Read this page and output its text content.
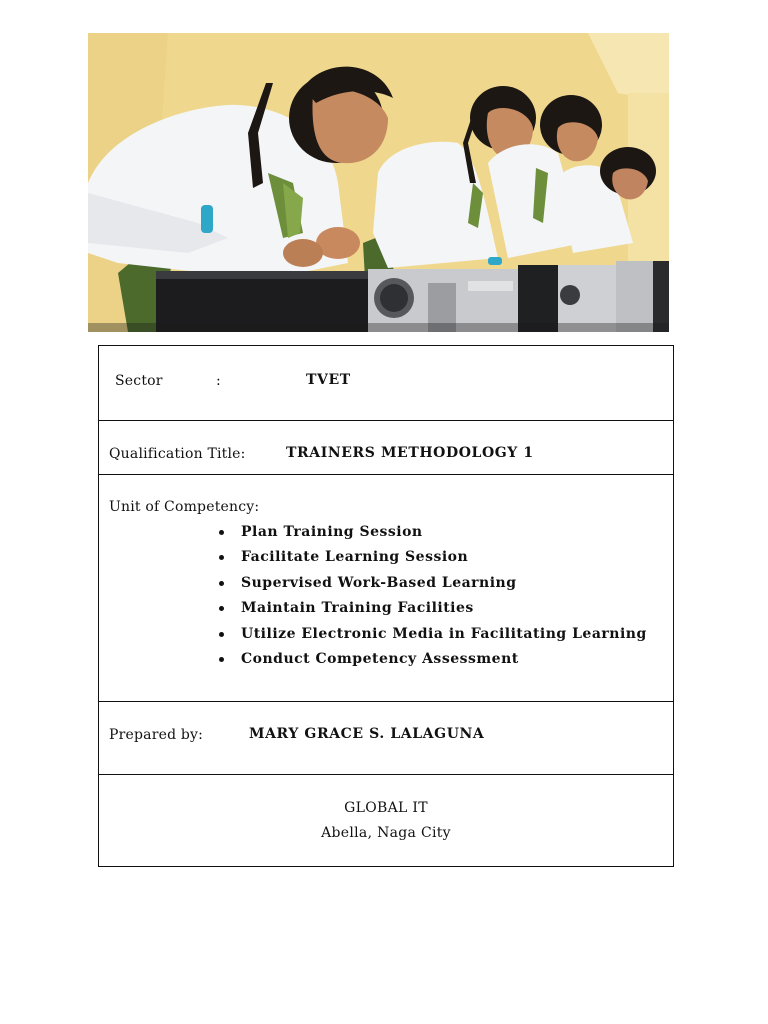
Sector	:	TVET
Qualification Title:	TRAINERS METHODOLOGY 1
Unit of Competency:
Plan Training Session
Facilitate Learning Session
Supervised Work-Based Learning
Maintain Training Facilities
Utilize Electronic Media in Facilitating Learning
Conduct Competency Assessment
Prepared by:	MARY GRACE S. LALAGUNA
GLOBAL IT
Abella, Naga City
